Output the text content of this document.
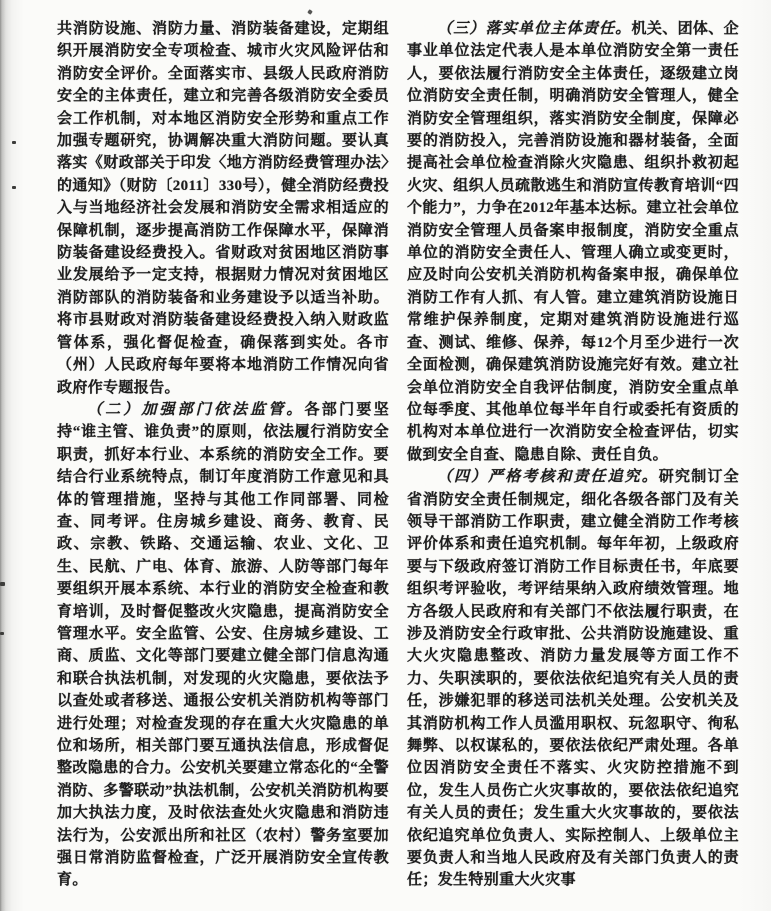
共消防设施、消防力量、消防装备建设，定期组织开展消防安全专项检查、城市火灾风险评估和消防安全评价。全面落实市、县级人民政府消防安全的主体责任，建立和完善各级消防安全委员会工作机制，对本地区消防安全形势和重点工作加强专题研究，协调解决重大消防问题。要认真落实《财政部关于印发〈地方消防经费管理办法〉的通知》（财防〔2011〕330号），健全消防经费投入与当地经济社会发展和消防安全需求相适应的保障机制，逐步提高消防工作保障水平，保障消防装备建设经费投入。省财政对贫困地区消防事业发展给予一定支持，根据财力情况对贫困地区消防部队的消防装备和业务建设予以适当补助。将市县财政对消防装备建设经费投入纳入财政监管体系，强化督促检查，确保落到实处。各市（州）人民政府每年要将本地消防工作情况向省政府作专题报告。

（二）加强部门依法监管。各部门要坚持“谁主管、谁负责”的原则，依法履行消防安全职责，抓好本行业、本系统的消防安全工作。要结合行业系统特点，制订年度消防工作意见和具体的管理措施，坚持与其他工作同部署、同检查、同考评。住房城乡建设、商务、教育、民政、宗教、铁路、交通运输、农业、文化、卫生、民航、广电、体育、旅游、人防等部门每年要组织开展本系统、本行业的消防安全检查和教育培训，及时督促整改火灾隐患，提高消防安全管理水平。安全监管、公安、住房城乡建设、工商、质监、文化等部门要建立健全部门信息沟通和联合执法机制，对发现的火灾隐患，要依法予以查处或者移送、通报公安机关消防机构等部门进行处理；对检查发现的存在重大火灾隐患的单位和场所，相关部门要互通执法信息，形成督促整改隐患的合力。公安机关要建立常态化的“全警消防、多警联动”执法机制，公安机关消防机构要加大执法力度，及时依法查处火灾隐患和消防违法行为，公安派出所和社区（农村）警务室要加强日常消防监督检查，广泛开展消防安全宣传教育。

（三）落实单位主体责任。机关、团体、企事业单位法定代表人是本单位消防安全第一责任人，要依法履行消防安全主体责任，逐级建立岗位消防安全责任制，明确消防安全管理人，健全消防安全管理组织，落实消防安全制度，保障必要的消防投入，完善消防设施和器材装备，全面提高社会单位检查消除火灾隐患、组织扑救初起火灾、组织人员疏散逃生和消防宣传教育培训“四个能力”，力争在2012年基本达标。建立社会单位消防安全管理人员备案申报制度，消防安全重点单位的消防安全责任人、管理人确立或变更时，应及时向公安机关消防机构备案申报，确保单位消防工作有人抓、有人管。建立建筑消防设施日常维护保养制度，定期对建筑消防设施进行巡查、测试、维修、保养，每12个月至少进行一次全面检测，确保建筑消防设施完好有效。建立社会单位消防安全自我评估制度，消防安全重点单位每季度、其他单位每半年自行或委托有资质的机构对本单位进行一次消防安全检查评估，切实做到安全自查、隐患自除、责任自负。

（四）严格考核和责任追究。研究制订全省消防安全责任制规定，细化各级各部门及有关领导干部消防工作职责，建立健全消防工作考核评价体系和责任追究机制。每年年初，上级政府要与下级政府签订消防工作目标责任书，年底要组织考评验收，考评结果纳入政府绩效管理。地方各级人民政府和有关部门不依法履行职责，在涉及消防安全行政审批、公共消防设施建设、重大火灾隐患整改、消防力量发展等方面工作不力、失职渎职的，要依法依纪追究有关人员的责任，涉嫌犯罪的移送司法机关处理。公安机关及其消防机构工作人员滥用职权、玩忽职守、徇私舞弊、以权谋私的，要依法依纪严肃处理。各单位因消防安全责任不落实、火灾防控措施不到位，发生人员伤亡火灾事故的，要依法依纪追究有关人员的责任；发生重大火灾事故的，要依法依纪追究单位负责人、实际控制人、上级单位主要负责人和当地人民政府及有关部门负责人的责任；发生特别重大火灾事
